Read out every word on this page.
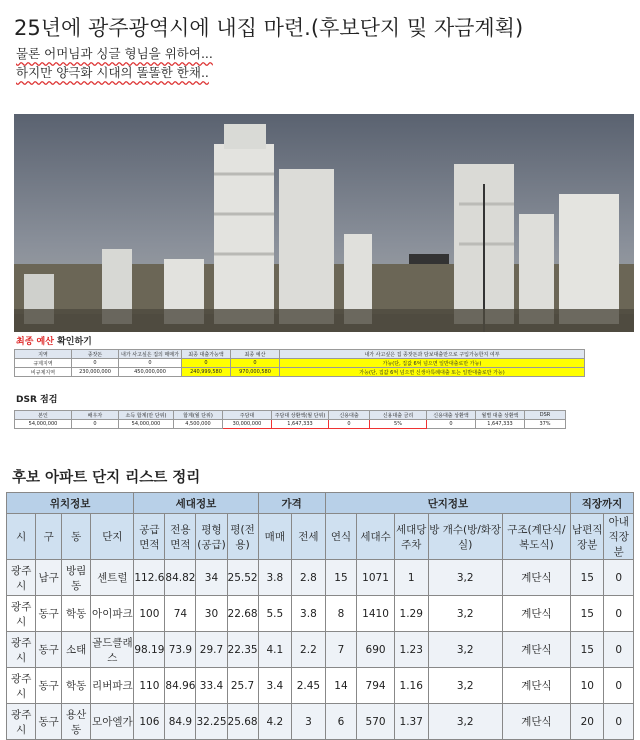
25년에 광주광역시에 내집 마련.(후보단지 및 자금계획)
물론 어머님과 싱글 형님을 위하여...
하지만 양극화 시대의 똘똘한 한채..
최종 예산 확인하기
지역	종잣돈	내가 사고싶은 집의 매매가	최종 대출가능액	최종 예산	내가 사고싶은 집 종잣돈과 담보대출만으로 구입가능한지 여부
규제지역	0	0	0	0	가능(단, 집값 6억 넘으면 일반대출로만 가능)
비규제지역	230,000,000	450,000,000	240,999,580	970,000,580	가능(단, 집값 6억 넘으면 신생아특례대출 또는 일반대출로만 가능)
DSR 점검
본인	배우자	소득 합계(만 단위)	합계(월 단위)	주담대	주담대 상환액(월 단위)	신용대출	신용대출 금리	신용대출 상환액	월별 대출 상환액	DSR
54,000,000	0	54,000,000	4,500,000	30,000,000	1,647,333	0	5%	0	1,647,333	37%
후보 아파트 단지 리스트 정리
위치정보				세대정보				가격		단지정보					직장까지	
시	구	동	단지	공급면적	전용면적	평형(공급)	평(전용)	매매	전세	연식	세대수	세대당주차	방 개수(방/화장실)	구조(계단식/복도식)	남편직장분	아내직장분
광주시	남구	방림동	센트럴	112.6	84.82	34	25.52	3.8	2.8	15	1071	1	3,2	계단식	15	0
광주시	동구	학동	아이파크	100	74	30	22.68	5.5	3.8	8	1410	1.29	3,2	계단식	15	0
광주시	동구	소태	골드클래스	98.19	73.9	29.7	22.35	4.1	2.2	7	690	1.23	3,2	계단식	15	0
광주시	동구	학동	리버파크	110	84.96	33.4	25.7	3.4	2.45	14	794	1.16	3,2	계단식	10	0
광주시	동구	용산동	모아엘가	106	84.9	32.25	25.68	4.2	3	6	570	1.37	3,2	계단식	20	0
